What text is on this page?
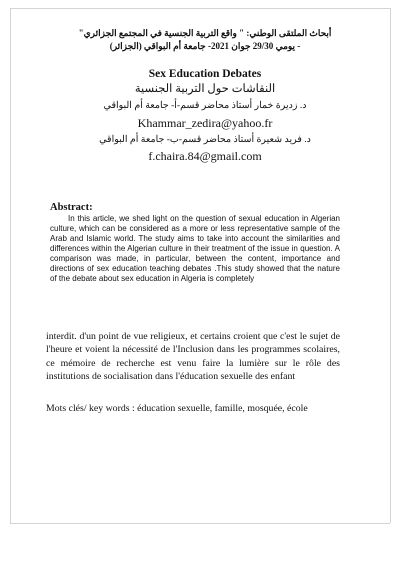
أبحاث الملتقى الوطني: " واقع التربية الجنسية في المجتمع الجزائري"
- يومي 29/30 جوان 2021- جامعة أم البواقي (الجزائر)
Sex Education Debates
النقاشات حول التربية الجنسية
د. زديرة خمار أستاذ محاضر قسم-أ- جامعة أم البواقي
Khammar_zedira@yahoo.fr
د. فريد شعيرة أستاذ محاضر قسم-ب- جامعة أم البواقي
f.chaira.84@gmail.com
Abstract:

In this article, we shed light on the question of sexual education in Algerian culture, which can be considered as a more or less representative sample of the Arab and Islamic world. The study aims to take into account the similarities and differences within the Algerian culture in their treatment of the issue in question. A comparison was made, in particular, between the content, importance and directions of sex education teaching debates .This study showed that the nature of the debate about sex education in Algeria is completely

interdit. d'un point de vue religieux, et certains croient que c'est le sujet de l'heure et voient la nécessité de l'Inclusion dans les programmes scolaires, ce mémoire de recherche est venu faire la lumière sur le rôle des institutions de socialisation dans l'éducation sexuelle des enfant

Mots clés/ key words : éducation sexuelle, famille, mosquée, école
